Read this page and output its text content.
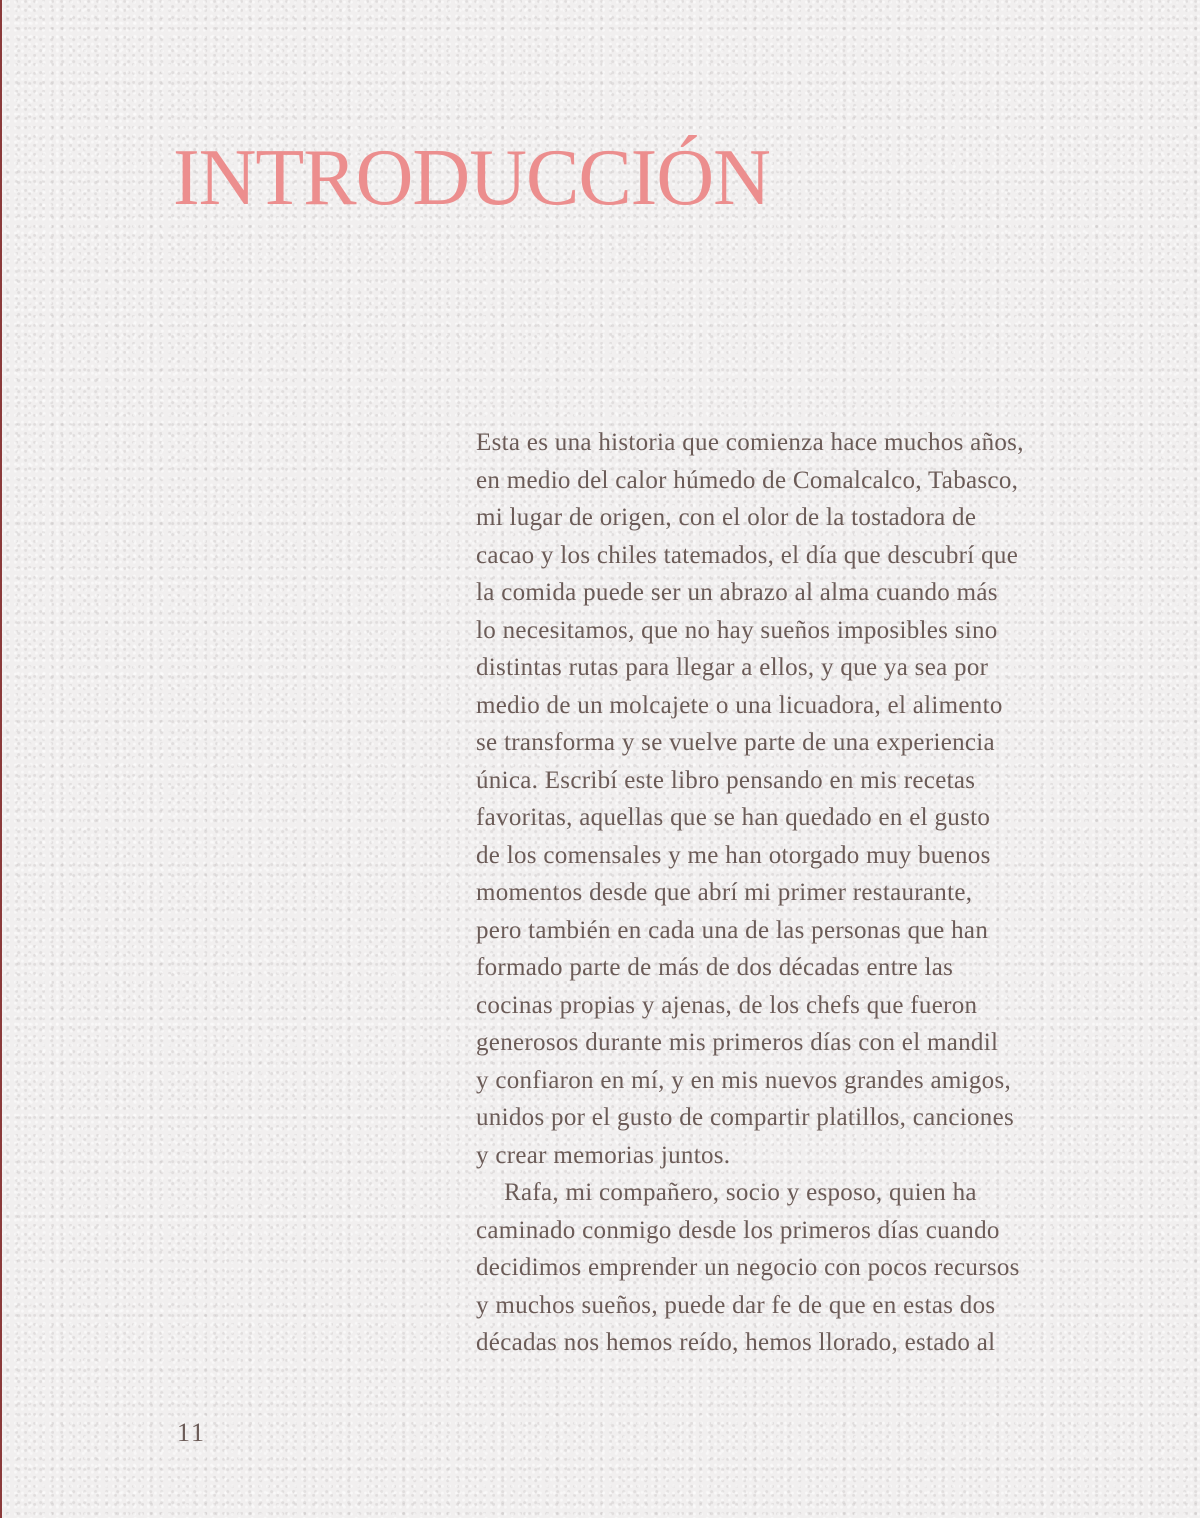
INTRODUCCIÓN
Esta es una historia que comienza hace muchos años,
en medio del calor húmedo de Comalcalco, Tabasco,
mi lugar de origen, con el olor de la tostadora de
cacao y los chiles tatemados, el día que descubrí que
la comida puede ser un abrazo al alma cuando más
lo necesitamos, que no hay sueños imposibles sino
distintas rutas para llegar a ellos, y que ya sea por
medio de un molcajete o una licuadora, el alimento
se transforma y se vuelve parte de una experiencia
única. Escribí este libro pensando en mis recetas
favoritas, aquellas que se han quedado en el gusto
de los comensales y me han otorgado muy buenos
momentos desde que abrí mi primer restaurante,
pero también en cada una de las personas que han
formado parte de más de dos décadas entre las
cocinas propias y ajenas, de los chefs que fueron
generosos durante mis primeros días con el mandil
y confiaron en mí, y en mis nuevos grandes amigos,
unidos por el gusto de compartir platillos, canciones
y crear memorias juntos.
Rafa, mi compañero, socio y esposo, quien ha
caminado conmigo desde los primeros días cuando
decidimos emprender un negocio con pocos recursos
y muchos sueños, puede dar fe de que en estas dos
décadas nos hemos reído, hemos llorado, estado al
11
